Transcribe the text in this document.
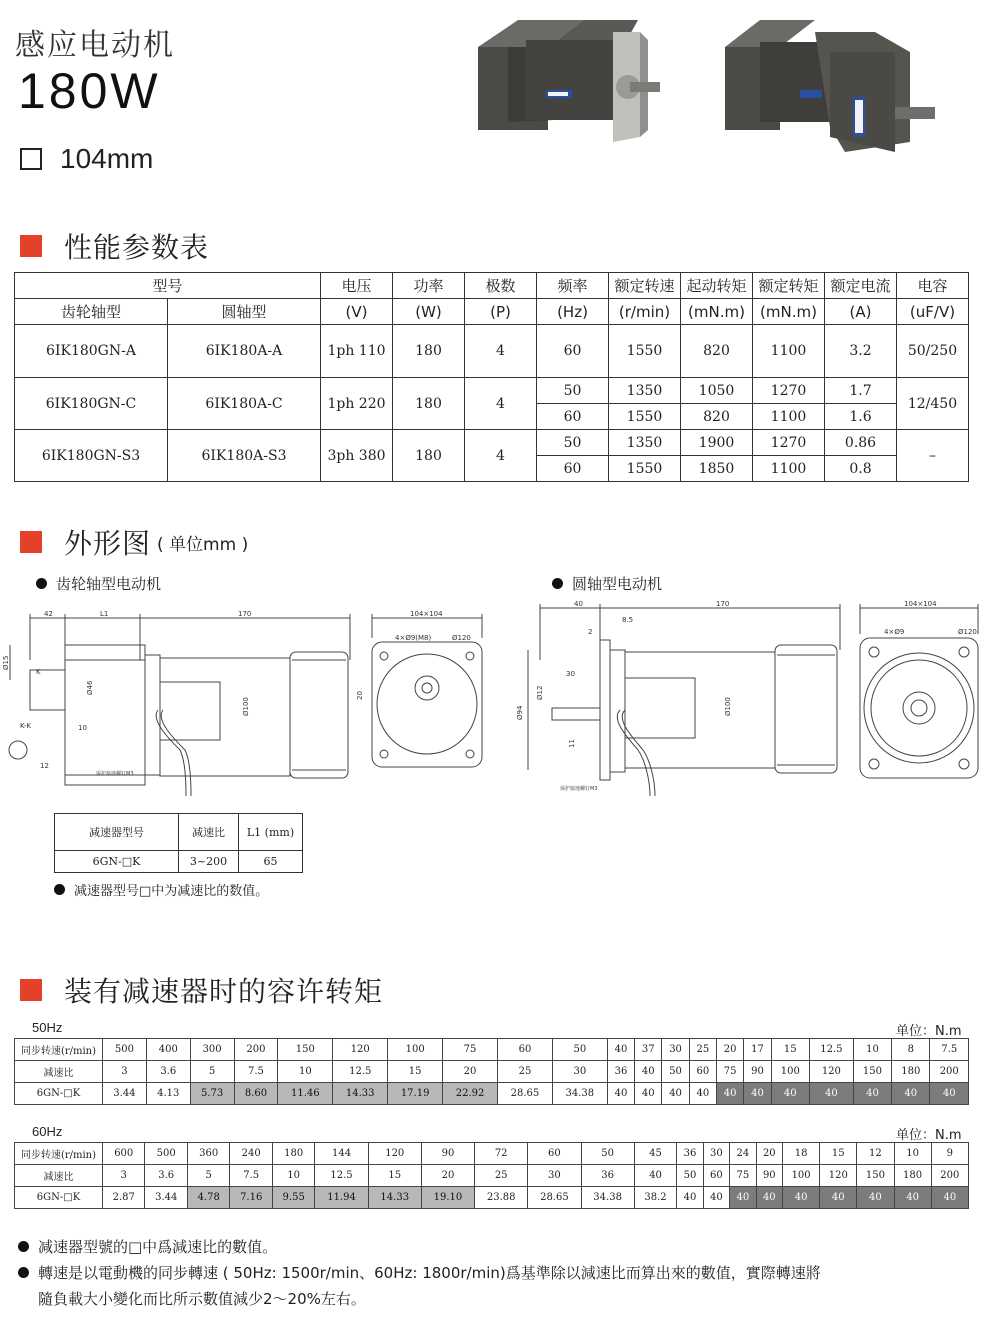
感应电动机
180W
104mm
性能参数表
型号		电压	功率	极数	频率	额定转速	起动转矩	额定转矩	额定电流	电容
齿轮轴型	圆轴型	(V)	(W)	(P)	(Hz)	(r/min)	(mN.m)	(mN.m)	(A)	(uF/V)
6IK180GN-A	6IK180A-A	1ph 110	180	4	60	1550	820	1100	3.2	50/250
6IK180GN-C	6IK180A-C	1ph 220	180	4	50	1350	1050	1270	1.7	12/450
					60	1550	820	1100	1.6	
6IK180GN-S3	6IK180A-S3	3ph 380	180	4	50	1350	1900	1270	0.86	–
					60	1550	1850	1100	0.8	
外形图 ( 单位mm )
齿轮轴型电动机	圆轴型电动机
42	L1	170	104×104
4×Ø9(M8)	Ø120
Ø100
20
10
Ø15
Ø46
K
K-K
12
保护接地螺钉M3
40
8.5
2
30
170	104×104
4×Ø9	Ø120
Ø100
Ø94
Ø12
11
保护接地螺钉M3
减速器型号	减速比	L1 (mm)
6GN-□K	3~200	65
减速器型号□中为减速比的数值。
装有减速器时的容许转矩
50Hz	单位：N.m
同步转速(r/min)	500	400	300	200	150	120	100	75	60	50	40	37	30	25	20	17	15	12.5	10	8	7.5
减速比	3	3.6	5	7.5	10	12.5	15	20	25	30	36	40	50	60	75	90	100	120	150	180	200
6GN-□K	3.44	4.13	5.73	8.60	11.46	14.33	17.19	22.92	28.65	34.38	40	40	40	40	40	40	40	40	40	40	40
60Hz	单位：N.m
同步转速(r/min)	600	500	360	240	180	144	120	90	72	60	50	45	36	30	24	20	18	15	12	10	9
减速比	3	3.6	5	7.5	10	12.5	15	20	25	30	36	40	50	60	75	90	100	120	150	180	200
6GN-□K	2.87	3.44	4.78	7.16	9.55	11.94	14.33	19.10	23.88	28.65	34.38	38.2	40	40	40	40	40	40	40	40	40
减速器型號的□中爲減速比的數值。
轉速是以電動機的同步轉速 ( 50Hz: 1500r/min、60Hz: 1800r/min)爲基準除以減速比而算出來的數值，實際轉速將
隨負載大小變化而比所示數值減少2～20%左右。
